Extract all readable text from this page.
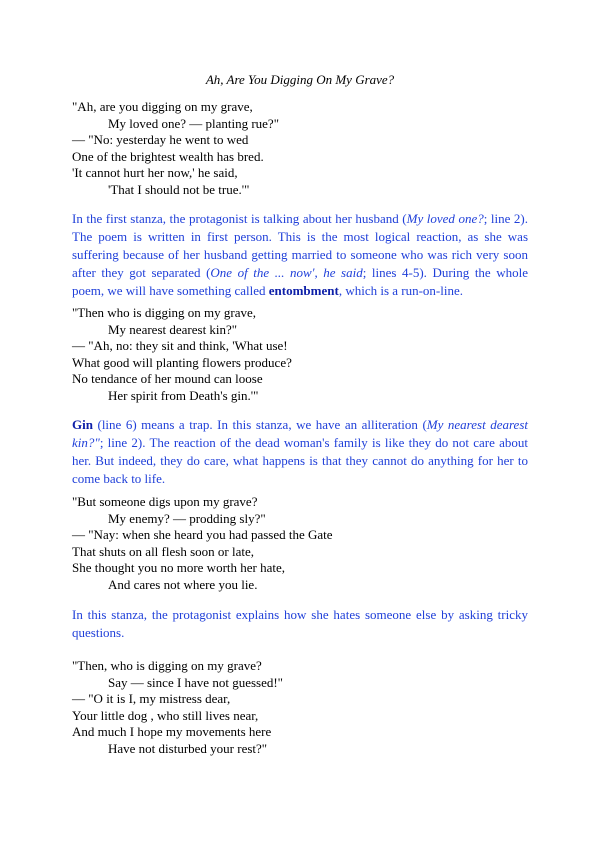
Ah, Are You Digging On My Grave?
"Ah, are you digging on my grave,
My loved one? — planting rue?"
— "No: yesterday he went to wed
One of the brightest wealth has bred.
'It cannot hurt her now,' he said,
'That I should not be true.'"
In the first stanza, the protagonist is talking about her husband (My loved one?; line 2). The poem is written in first person. This is the most logical reaction, as she was suffering because of her husband getting married to someone who was rich very soon after they got separated (One of the ... now', he said; lines 4-5). During the whole poem, we will have something called entombment, which is a run-on-line.
"Then who is digging on my grave,
My nearest dearest kin?"
— "Ah, no: they sit and think, 'What use!
What good will planting flowers produce?
No tendance of her mound can loose
Her spirit from Death's gin.'"
Gin (line 6) means a trap. In this stanza, we have an alliteration (My nearest dearest kin?"; line 2). The reaction of the dead woman's family is like they do not care about her. But indeed, they do care, what happens is that they cannot do anything for her to come back to life.
"But someone digs upon my grave?
My enemy? — prodding sly?"
— "Nay: when she heard you had passed the Gate
That shuts on all flesh soon or late,
She thought you no more worth her hate,
And cares not where you lie.
In this stanza, the protagonist explains how she hates someone else by asking tricky questions.
"Then, who is digging on my grave?
Say — since I have not guessed!"
— "O it is I, my mistress dear,
Your little dog , who still lives near,
And much I hope my movements here
Have not disturbed your rest?"
